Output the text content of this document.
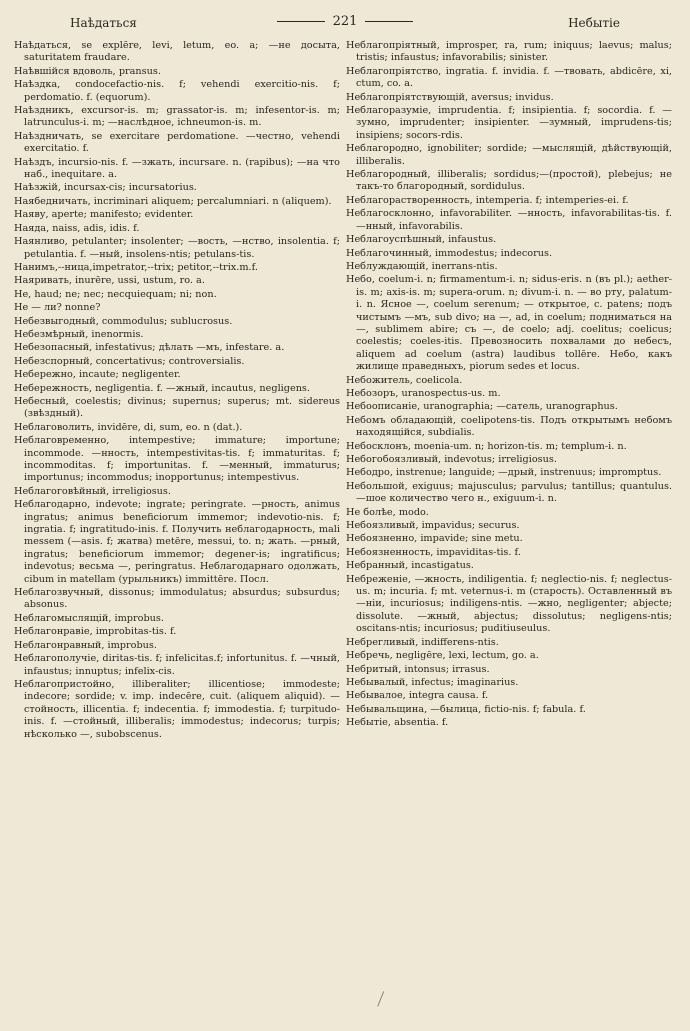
Наѣдаться	221	Небытіе

Наѣдаться, se explēre, levi, letum, eo. a; —не досыта, saturitatem fraudare.

Наѣвшійся вдоволь, pransus.

Наѣздка, condocefactio-nis. f; vehendi exercitio-nis. f; perdomatio. f. (equorum).

Наѣздникъ, excursor-is. m; grassator-is. m; infesentor-is. m; latrunculus-i. m; —наслѣдное, ichneumon-is. m.

Наѣздничать, se exercitare perdomatione. —честно, vehendi exercitatio. f.

Наѣздъ, incursio-nis. f. —зжать, incursare. n. (rapibus); —на что наб., inequitare. a.

Наѣзжій, incursax-cis; incursatorius.

Наябедничать, incriminari aliquem; percalumniari. n (aliquem).

Наяву, aperte; manifesto; evidenter.

Наяда, naiss, adis, idis. f.

Наянливо, petulanter; insolenter; —вость, —нство, insolentia. f; petulantia. f. —ный, insolens-ntis; petulans-tis.

Нанимъ,--ница,impetrator,--trix; petitor,--trix.m.f.

Наяривать, inurēre, ussi, ustum, ro. a.

Не, haud; ne; nec; necquiequam; ni; non.

Не — ли? nonne?

Небезвыгодный, commodulus; sublucrosus.

Небезмѣрный, inenormis.

Небезопасный, infestativus; дѣлать —мъ, infestare. a.

Небезспорный, concertativus; controversialis.

Небережно, incaute; negligenter.

Небережность, negligentia. f. —жный, incautus, negligens.

Небесный, coelestis; divinus; supernus; superus; mt. sidereus (звѣздный).

Неблаговолить, invidēre, di, sum, eo. n (dat.).

Неблаговременно, intempestive; immature; importune; incommode. —нность, intempestivitas-tis. f; immaturitas. f; incommoditas. f; importunitas. f. —менный, immaturus; importunus; incommodus; inopportunus; intempestivus.

Неблагоговѣйный, irreligiosus.

Неблагодарно, indevote; ingrate; peringrate. —рность, animus ingratus; animus beneficiorum immemor; indevotio-nis. f; ingratia. f; ingratitudo-inis. f. Получить неблагодарность, mali messem (—asis. f; жатва) metēre, messui, to. n; жать. —рный, ingratus; beneficiorum immemor; degener-is; ingratificus; indevotus; весьма —, peringratus. Неблагодарнаго одолжать, cibum in matellam (урыльникъ) immittēre. Посл.

Неблагозвучный, dissonus; immodulatus; absurdus; subsurdus; absonus.

Неблагомыслящій, improbus.

Неблагонравіе, improbitas-tis. f.

Неблагонравный, improbus.

Неблагополучіе, diritas-tis. f; infelicitas.f; infortunitus. f. —чный, infaustus; innuptus; infelix-cis.

Неблагопристойно, illiberaliter; illicentiose; immodeste; indecore; sordide; v. imp. indecēre, cuit. (aliquem aliquid). —стойность, illicentia. f; indecentia. f; immodestia. f; turpitudo-inis. f. —стойный, illiberalis; immodestus; indecorus; turpis; нѣсколько —, subobscenus.

Неблагопріятный, improsper, ra, rum; iniquus; laevus; malus; tristis; infaustus; infavorabilis; sinister.

Неблагопріятство, ingratia. f. invidia. f. —твовать, abdicēre, xi, ctum, co. a.

Неблагопріятствующій, aversus; invidus.

Неблагоразуміе, imprudentia. f; insipientia. f; socordia. f. —зумно, imprudenter; insipienter. —зумный, imprudens-tis; insipiens; socors-rdis.

Неблагородно, ignobiliter; sordide; —мыслящій, дѣйствующій, illiberalis.

Неблагородный, illiberalis; sordidus;—(простой), plebejus; не такъ-то благородный, sordidulus.

Неблагорастворенность, intemperia. f; intemperies-ei. f.

Неблагосклонно, infavorabiliter. —нность, infavorabilitas-tis. f. —нный, infavorabilis.

Неблагоуспѣшный, infaustus.

Неблагочинный, immodestus; indecorus.

Неблуждающій, inerrans-ntis.

Небо, coelum-i. n; firmamentum-i. n; sidus-eris. n (въ pl.); aether-is. m; axis-is. m; supera-orum. n; divum-i. n. — во рту, palatum-i. n. Ясное —, coelum serenum; — открытое, c. patens; подъ чистымъ —мъ, sub divo; на —, ad, in coelum; подниматься на—, sublimem abire; съ —, de coelo; adj. coelitus; coelicus; coelestis; coeles-itis. Превозносить похвалами до небесъ, aliquem ad coelum (astra) laudibus tollēre. Небо, какъ жилище праведныхъ, piorum sedes et locus.

Небожитель, coelicola.

Небозоръ, uranospectus-us. m.

Небоописаніе, uranographia; —сатель, uranographus.

Небомъ обладающій, coelipotens-tis. Подъ открытымъ небомъ находящійся, subdialis.

Небосклонъ, moenia-um. n; horizon-tis. m; templum-i. n.

Небогобоязливый, indevotus; irreligiosus.

Небодро, instrenue; languide; —дрый, instrenuus; impromptus.

Небольшой, exiguus; majusculus; parvulus; tantillus; quantulus. —шое количество чего н., exiguum-i. n.

Не болѣе, modo.

Небоязливый, impavidus; securus.

Небоязненно, impavide; sine metu.

Небоязненность, impaviditas-tis. f.

Небранный, incastigatus.

Небреженіе, —жность, indiligentia. f; neglectio-nis. f; neglectus-us. m; incuria. f; mt. veternus-i. m (старость). Оставленный въ —ніи, incuriosus; indiligens-ntis. —жно, negligenter; abjecte; dissolute. —жный, abjectus; dissolutus; negligens-ntis; oscitans-ntis; incuriosus; puditiuseulus.

Небрегливый, indifferens-ntis.

Небречь, negligēre, lexi, lectum, go. a.

Небритый, intonsus; irrasus.

Небывалый, infectus; imaginarius.

Небывалое, integra causa. f.

Небывальщина, —былица, fictio-nis. f; fabula. f.

Небытіе, absentia. f.
